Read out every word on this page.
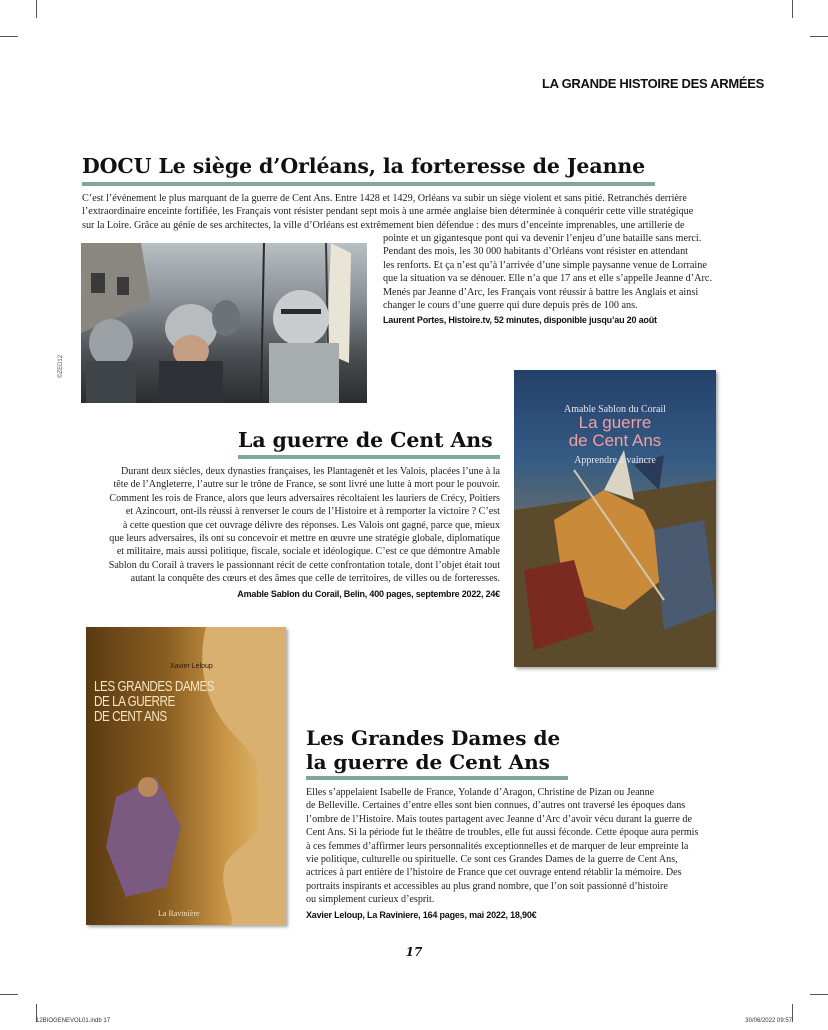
LA GRANDE HISTOIRE DES ARMÉES
DOCU Le siège d’Orléans, la forteresse de Jeanne
C’est l’événement le plus marquant de la guerre de Cent Ans. Entre 1428 et 1429, Orléans va subir un siège violent et sans pitié. Retranchés derrière
l’extraordinaire enceinte fortifiée, les Français vont résister pendant sept mois à une armée anglaise bien déterminée à conquérir cette ville stratégique
sur la Loire. Grâce au génie de ses architectes, la ville d’Orléans est extrêmement bien défendue : des murs d’enceinte imprenables, une artillerie de
pointe et un gigantesque pont qui va devenir l’enjeu d’une bataille sans merci.
Pendant des mois, les 30 000 habitants d’Orléans vont résister en attendant
les renforts. Et ça n’est qu’à l’arrivée d’une simple paysanne venue de Lorraine
que la situation va se dénouer. Elle n’a que 17 ans et elle s’appelle Jeanne d’Arc.
Menés par Jeanne d’Arc, les Français vont réussir à battre les Anglais et ainsi
changer le cours d’une guerre qui dure depuis près de 100 ans.
Laurent Portes, Histoire.tv, 52 minutes, disponible jusqu’au 20 août
©ZED12
Amable Sablon du Corail
La guerre
de Cent Ans
Apprendre à vaincre
La guerre de Cent Ans
Durant deux siècles, deux dynasties françaises, les Plantagenêt et les Valois, placées l’une à la
tête de l’Angleterre, l’autre sur le trône de France, se sont livré une lutte à mort pour le pouvoir.
Comment les rois de France, alors que leurs adversaires récoltaient les lauriers de Crécy, Poitiers
et Azincourt, ont-ils réussi à renverser le cours de l’Histoire et à remporter la victoire ? C’est
à cette question que cet ouvrage délivre des réponses. Les Valois ont gagné, parce que, mieux
que leurs adversaires, ils ont su concevoir et mettre en œuvre une stratégie globale, diplomatique
et militaire, mais aussi politique, fiscale, sociale et idéologique. C’est ce que démontre Amable
Sablon du Corail à travers le passionnant récit de cette confrontation totale, dont l’objet était tout
autant la conquête des cœurs et des âmes que celle de territoires, de villes ou de forteresses.
Amable Sablon du Corail, Belin, 400 pages, septembre 2022, 24€
Xavier Leloup
LES GRANDES DAMES
DE LA GUERRE
DE CENT ANS
La Ravinière
Les Grandes Dames de
la guerre de Cent Ans
Elles s’appelaient Isabelle de France, Yolande d’Aragon, Christine de Pizan ou Jeanne
de Belleville. Certaines d’entre elles sont bien connues, d’autres ont traversé les époques dans
l’ombre de l’Histoire. Mais toutes partagent avec Jeanne d’Arc d’avoir vécu durant la guerre de
Cent Ans. Si la période fut le théâtre de troubles, elle fut aussi féconde. Cette époque aura permis
à ces femmes d’affirmer leurs personnalités exceptionnelles et de marquer de leur empreinte la
vie politique, culturelle ou spirituelle. Ce sont ces Grandes Dames de la guerre de Cent Ans,
actrices à part entière de l’histoire de France que cet ouvrage entend rétablir la mémoire. Des
portraits inspirants et accessibles au plus grand nombre, que l’on soit passionné d’histoire
ou simplement curieux d’esprit.
Xavier Leloup, La Raviniere, 164 pages, mai 2022, 18,90€
17
12BIOGENEVOL01.indb 17	30/06/2022 09:57
